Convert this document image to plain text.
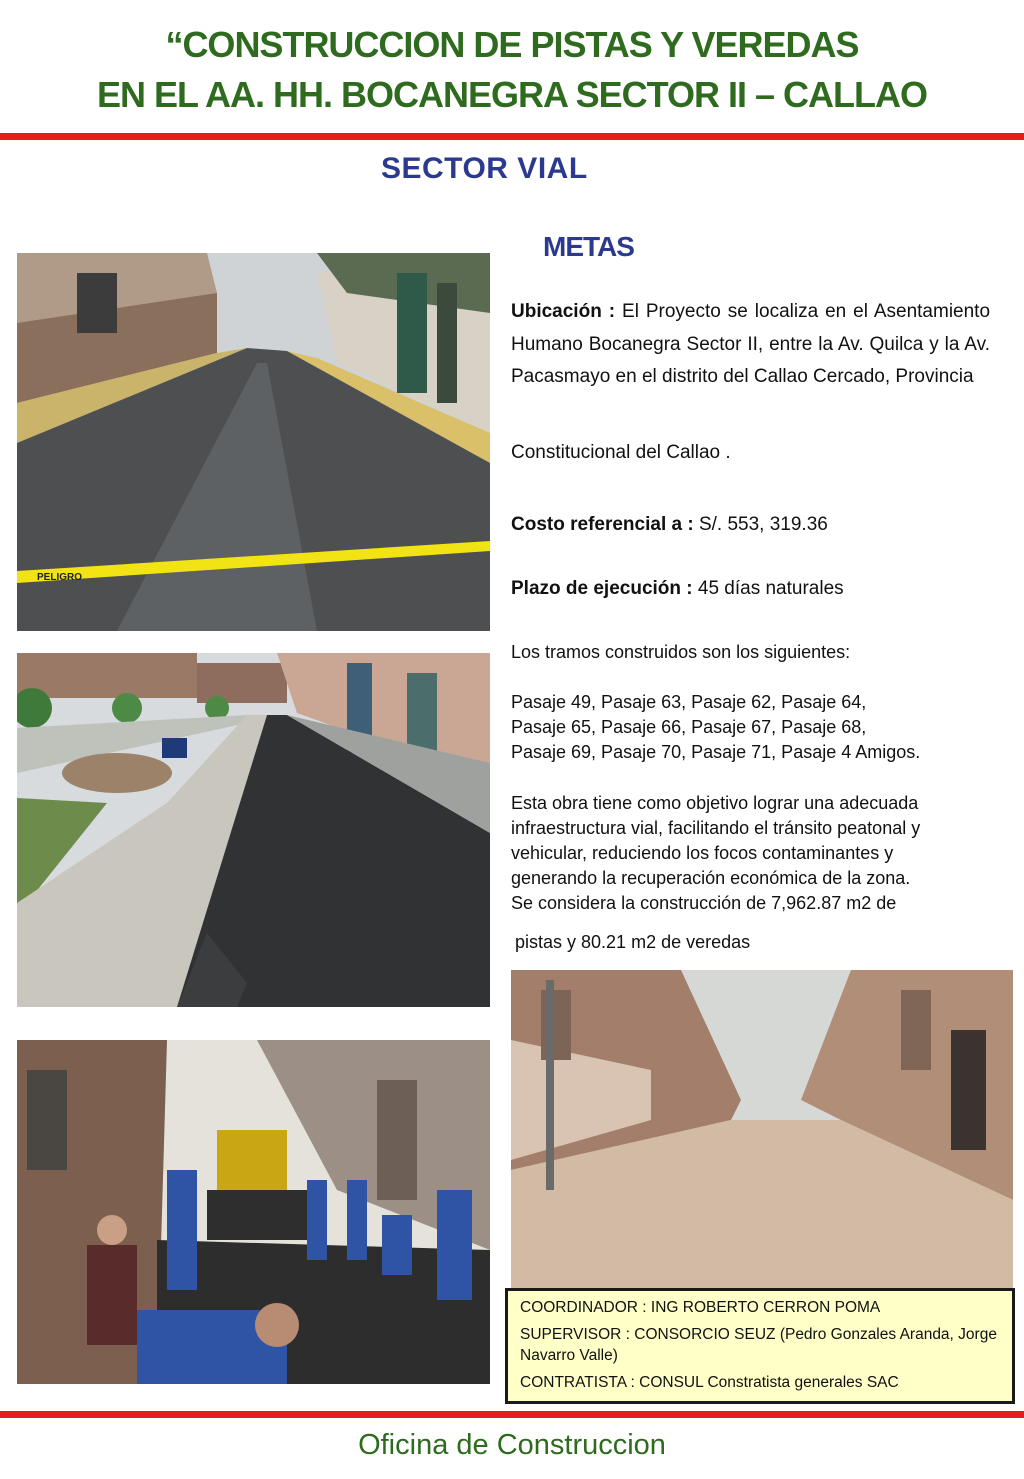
“CONSTRUCCION DE PISTAS Y VEREDAS
EN EL AA. HH. BOCANEGRA SECTOR II – CALLAO
SECTOR VIAL
METAS
PELIGRO
Ubicación : El Proyecto se localiza en el Asentamiento Humano Bocanegra Sector II, entre la Av. Quilca y la Av. Pacasmayo en el distrito del Callao Cercado, Provincia
Constitucional del Callao .
Costo referencial a : S/. 553, 319.36
Plazo de ejecución : 45 días naturales
Los tramos construidos son los siguientes:
Pasaje 49, Pasaje 63, Pasaje 62, Pasaje 64,
Pasaje 65, Pasaje 66, Pasaje 67, Pasaje 68,
Pasaje 69, Pasaje 70, Pasaje 71, Pasaje 4 Amigos.
Esta obra tiene como objetivo lograr una adecuada
infraestructura vial, facilitando el tránsito peatonal y
vehicular, reduciendo los focos contaminantes y
generando la recuperación económica de la zona.
Se considera la construcción de 7,962.87 m2 de
pistas y 80.21 m2 de veredas
COORDINADOR : ING ROBERTO CERRON POMA
SUPERVISOR : CONSORCIO SEUZ (Pedro Gonzales Aranda, Jorge Navarro Valle)
CONTRATISTA : CONSUL Constratista generales SAC
Oficina de Construccion
